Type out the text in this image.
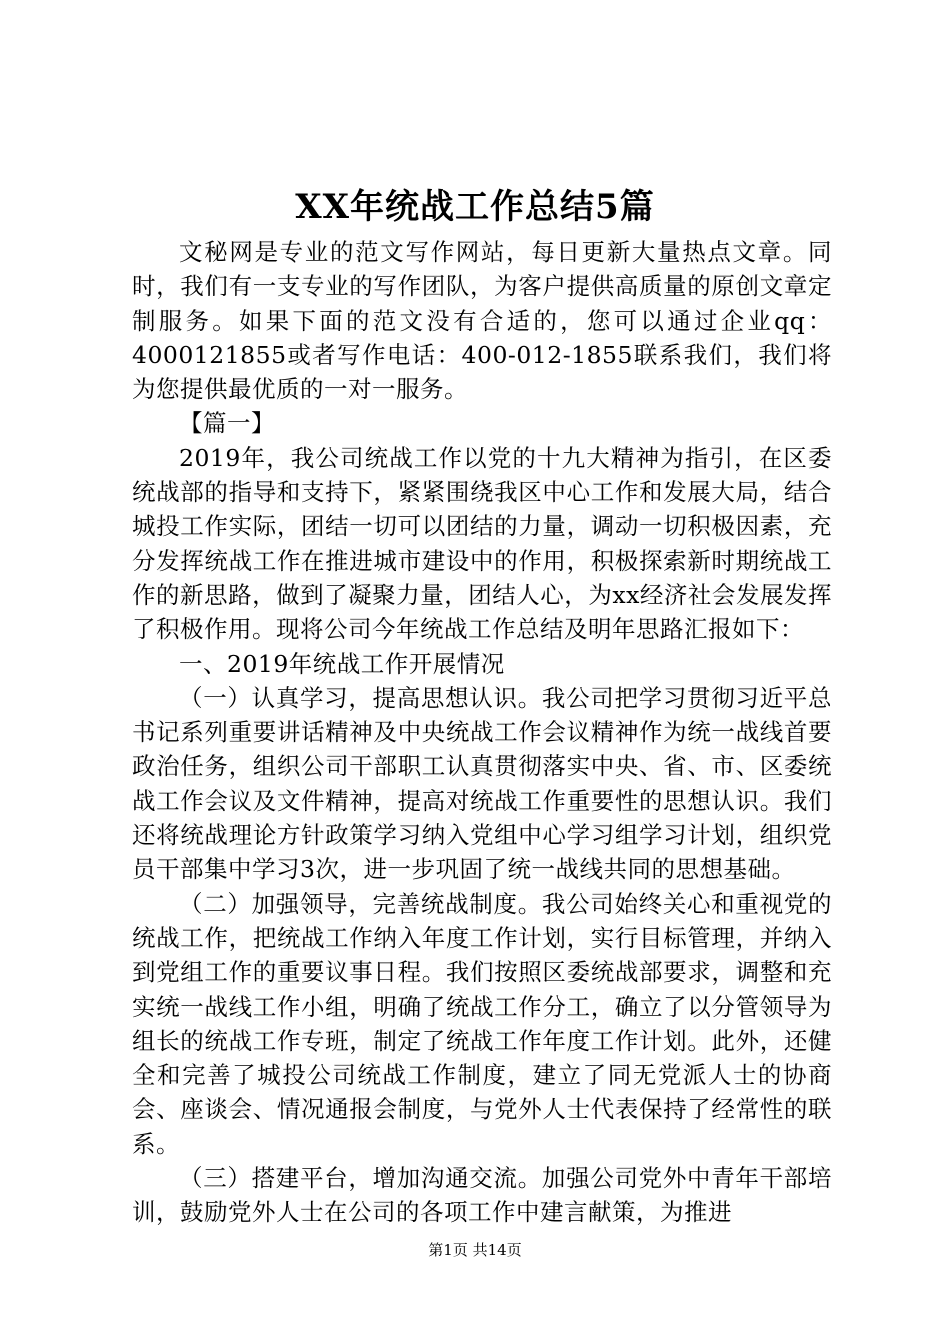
XX年统战工作总结5篇

文秘网是专业的范文写作网站，每日更新大量热点文章。同时，我们有一支专业的写作团队，为客户提供高质量的原创文章定制服务。如果下面的范文没有合适的，您可以通过企业qq：4000121855或者写作电话：400-012-1855联系我们，我们将为您提供最优质的一对一服务。

【篇一】

2019年，我公司统战工作以党的十九大精神为指引，在区委统战部的指导和支持下，紧紧围绕我区中心工作和发展大局，结合城投工作实际，团结一切可以团结的力量，调动一切积极因素，充分发挥统战工作在推进城市建设中的作用，积极探索新时期统战工作的新思路，做到了凝聚力量，团结人心，为xx经济社会发展发挥了积极作用。现将公司今年统战工作总结及明年思路汇报如下：

一、2019年统战工作开展情况

（一）认真学习，提高思想认识。我公司把学习贯彻习近平总书记系列重要讲话精神及中央统战工作会议精神作为统一战线首要政治任务，组织公司干部职工认真贯彻落实中央、省、市、区委统战工作会议及文件精神，提高对统战工作重要性的思想认识。我们还将统战理论方针政策学习纳入党组中心学习组学习计划，组织党员干部集中学习3次，进一步巩固了统一战线共同的思想基础。

（二）加强领导，完善统战制度。我公司始终关心和重视党的统战工作，把统战工作纳入年度工作计划，实行目标管理，并纳入到党组工作的重要议事日程。我们按照区委统战部要求，调整和充实统一战线工作小组，明确了统战工作分工，确立了以分管领导为组长的统战工作专班，制定了统战工作年度工作计划。此外，还健全和完善了城投公司统战工作制度，建立了同无党派人士的协商会、座谈会、情况通报会制度，与党外人士代表保持了经常性的联系。

（三）搭建平台，增加沟通交流。加强公司党外中青年干部培训，鼓励党外人士在公司的各项工作中建言献策，为推进

第1页 共14页
